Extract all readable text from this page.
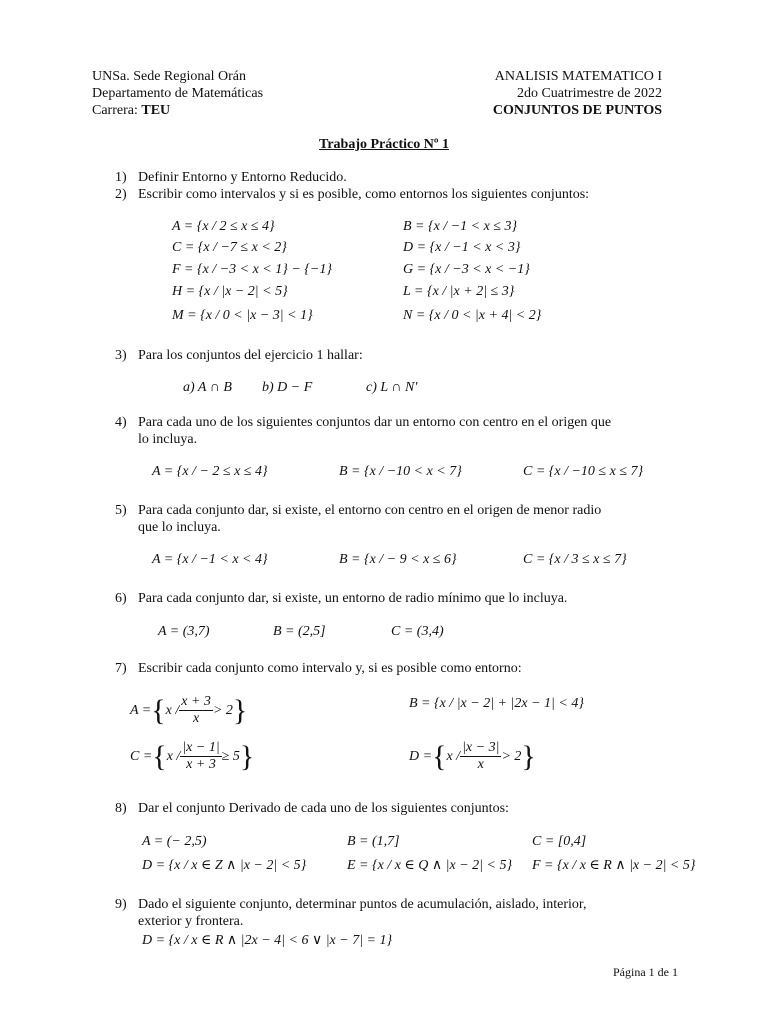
UNSa. Sede Regional Orán
Departamento de Matemáticas
Carrera: TEU
ANALISIS MATEMATICO I
2do Cuatrimestre de 2022
CONJUNTOS DE PUNTOS
Trabajo Práctico Nº 1
1) Definir Entorno y Entorno Reducido.
2) Escribir como intervalos y si es posible, como entornos los siguientes conjuntos:
A = {x / 2 ≤ x ≤ 4}	B = {x / −1 < x ≤ 3}
C = {x / −7 ≤ x < 2}	D = {x / −1 < x < 3}
F = {x / −3 < x < 1} − {−1}	G = {x / −3 < x < −1}
H = {x / |x − 2| < 5}	L = {x / |x + 2| ≤ 3}
M = {x / 0 < |x − 3| < 1}	N = {x / 0 < |x + 4| < 2}
3) Para los conjuntos del ejercicio 1 hallar:
a) A ∩ B b) D − F	c) L ∩ N′
4) Para cada uno de los siguientes conjuntos dar un entorno con centro en el origen que
lo incluya.
A = {x / − 2 ≤ x ≤ 4}	B = {x / −10 < x < 7}	C = {x / −10 ≤ x ≤ 7}
5) Para cada conjunto dar, si existe, el entorno con centro en el origen de menor radio
que lo incluya.
A = {x / −1 < x < 4}	B = {x / − 9 < x ≤ 6}	C = {x / 3 ≤ x ≤ 7}
6) Para cada conjunto dar, si existe, un entorno de radio mínimo que lo incluya.
A = (3,7)	B = (2,5]	C = (3,4)
7) Escribir cada conjunto como intervalo y, si es posible como entorno:
A = { $x / \frac{x + 3}{x} > 2$ }	B = {x / |x − 2| + |2x − 1| < 4}
C = { $x / \frac{|x - 1|}{x + 3} \ge 5$ }	D = { $x / \frac{|x - 3|}{x} > 2$ }
8) Dar el conjunto Derivado de cada uno de los siguientes conjuntos:
A = (− 2,5)	B = (1,7]	C = [0,4]
D = {x / x ∈ Z ∧ |x − 2| < 5}	E = {x / x ∈ Q ∧ |x − 2| < 5} F = {x / x ∈ R ∧ |x − 2| < 5}
9) Dado el siguiente conjunto, determinar puntos de acumulación, aislado, interior,
exterior y frontera.
D = {x / x ∈ R ∧ |2x − 4| < 6 ∨ |x − 7| = 1}
Página 1 de 1
